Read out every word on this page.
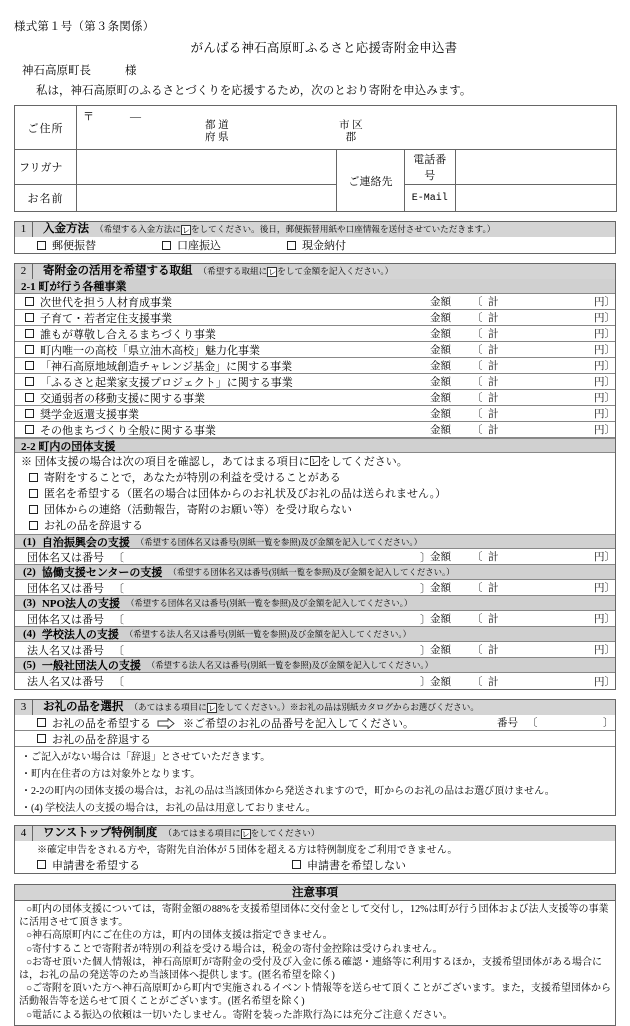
様式第１号（第３条関係）
がんばる神石高原町ふるさと応援寄附金申込書
神石高原町長	様
私は，神石高原町のふるさとづくりを応援するため，次のとおり寄附を申込みます。
ご住所	
〒	―
都 道
府 県
市 区
郡

フリガナ		ご連絡先	
電話番号	

お名前			E-Mail	
1	入金方法 （希望する入金方法にレをしてください。後日，郵便振替用紙や口座情報を送付させていただきます。）
郵便振替	口座振込	現金納付
2	寄附金の活用を希望する取組 （希望する取組にレをして金額を記入ください。）
2-1 町が行う各種事業
次世代を担う人材育成事業	金額	〔 計	円〕
子育て・若者定住支援事業	金額	〔 計	円〕
誰もが尊敬し合えるまちづくり事業	金額	〔 計	円〕
町内唯一の高校「県立油木高校」魅力化事業	金額	〔 計	円〕
「神石高原地域創造チャレンジ基金」に関する事業	金額	〔 計	円〕
「ふるさと起業家支援プロジェクト」に関する事業	金額	〔 計	円〕
交通弱者の移動支援に関する事業	金額	〔 計	円〕
奨学金返還支援事業	金額	〔 計	円〕
その他まちづくり全般に関する事業	金額	〔 計	円〕
2-2 町内の団体支援
※ 団体支援の場合は次の項目を確認し，あてはまる項目に レ をしてください。
寄附をすることで，あなたが特別の利益を受けることがある
匿名を希望する（匿名の場合は団体からのお礼状及びお礼の品は送られません。）
団体からの連絡（活動報告，寄附のお願い等）を受け取らない
お礼の品を辞退する
(1) 自治振興会の支援 （希望する団体名又は番号(別紙一覧を参照)及び金額を記入してください。）
団体名又は番号 〔	〕 金額	〔 計	円〕
(2) 協働支援センターの支援 （希望する団体名又は番号(別紙一覧を参照)及び金額を記入してください。）
団体名又は番号 〔	〕 金額	〔 計	円〕
(3) NPO法人の支援 （希望する団体名又は番号(別紙一覧を参照)及び金額を記入してください。）
団体名又は番号 〔	〕 金額	〔 計	円〕
(4) 学校法人の支援 （希望する法人名又は番号(別紙一覧を参照)及び金額を記入してください。）
法人名又は番号 〔	〕 金額	〔 計	円〕
(5) 一般社団法人の支援 （希望する法人名又は番号(別紙一覧を参照)及び金額を記入してください。）
法人名又は番号 〔	〕 金額	〔 計	円〕
3	お礼の品を選択 （あてはまる項目にレをしてください。）※お礼の品は別紙カタログからお選びください。
お礼の品を希望する	※ご希望のお礼の品番号を記入してください。	番号 〔	〕
お礼の品を辞退する
・ご記入がない場合は「辞退」とさせていただきます。
・町内在住者の方は対象外となります。
・2-2の町内の団体支援の場合は，お礼の品は当該団体から発送されますので，町からのお礼の品はお選び頂けません。
・(4) 学校法人の支援の場合は，お礼の品は用意しておりません。
4	ワンストップ特例制度 （あてはまる項目にレをしてください）
※確定申告をされる方や，寄附先自治体が５団体を超える方は特例制度をご利用できません。
申請書を希望する	申請書を希望しない
注意事項

○町内の団体支援については，寄附金額の88%を支援希望団体に交付金として交付し，12%は町が行う団体および法人支援等の事業に活用させて頂きます。

○神石高原町内にご在住の方は，町内の団体支援は指定できません。

○寄付することで寄附者が特別の利益を受ける場合は，税金の寄付金控除は受けられません。

○お寄せ頂いた個人情報は，神石高原町が寄附金の受付及び入金に係る確認・連絡等に利用するほか，支援希望団体がある場合には，お礼の品の発送等のため当該団体へ提供します。(匿名希望を除く)

○ご寄附を頂いた方へ神石高原町から町内で実施されるイベント情報等を送らせて頂くことがございます。また，支援希望団体から活動報告等を送らせて頂くことがございます。(匿名希望を除く)

○電話による振込の依頼は一切いたしません。寄附を装った詐欺行為には充分ご注意ください。
